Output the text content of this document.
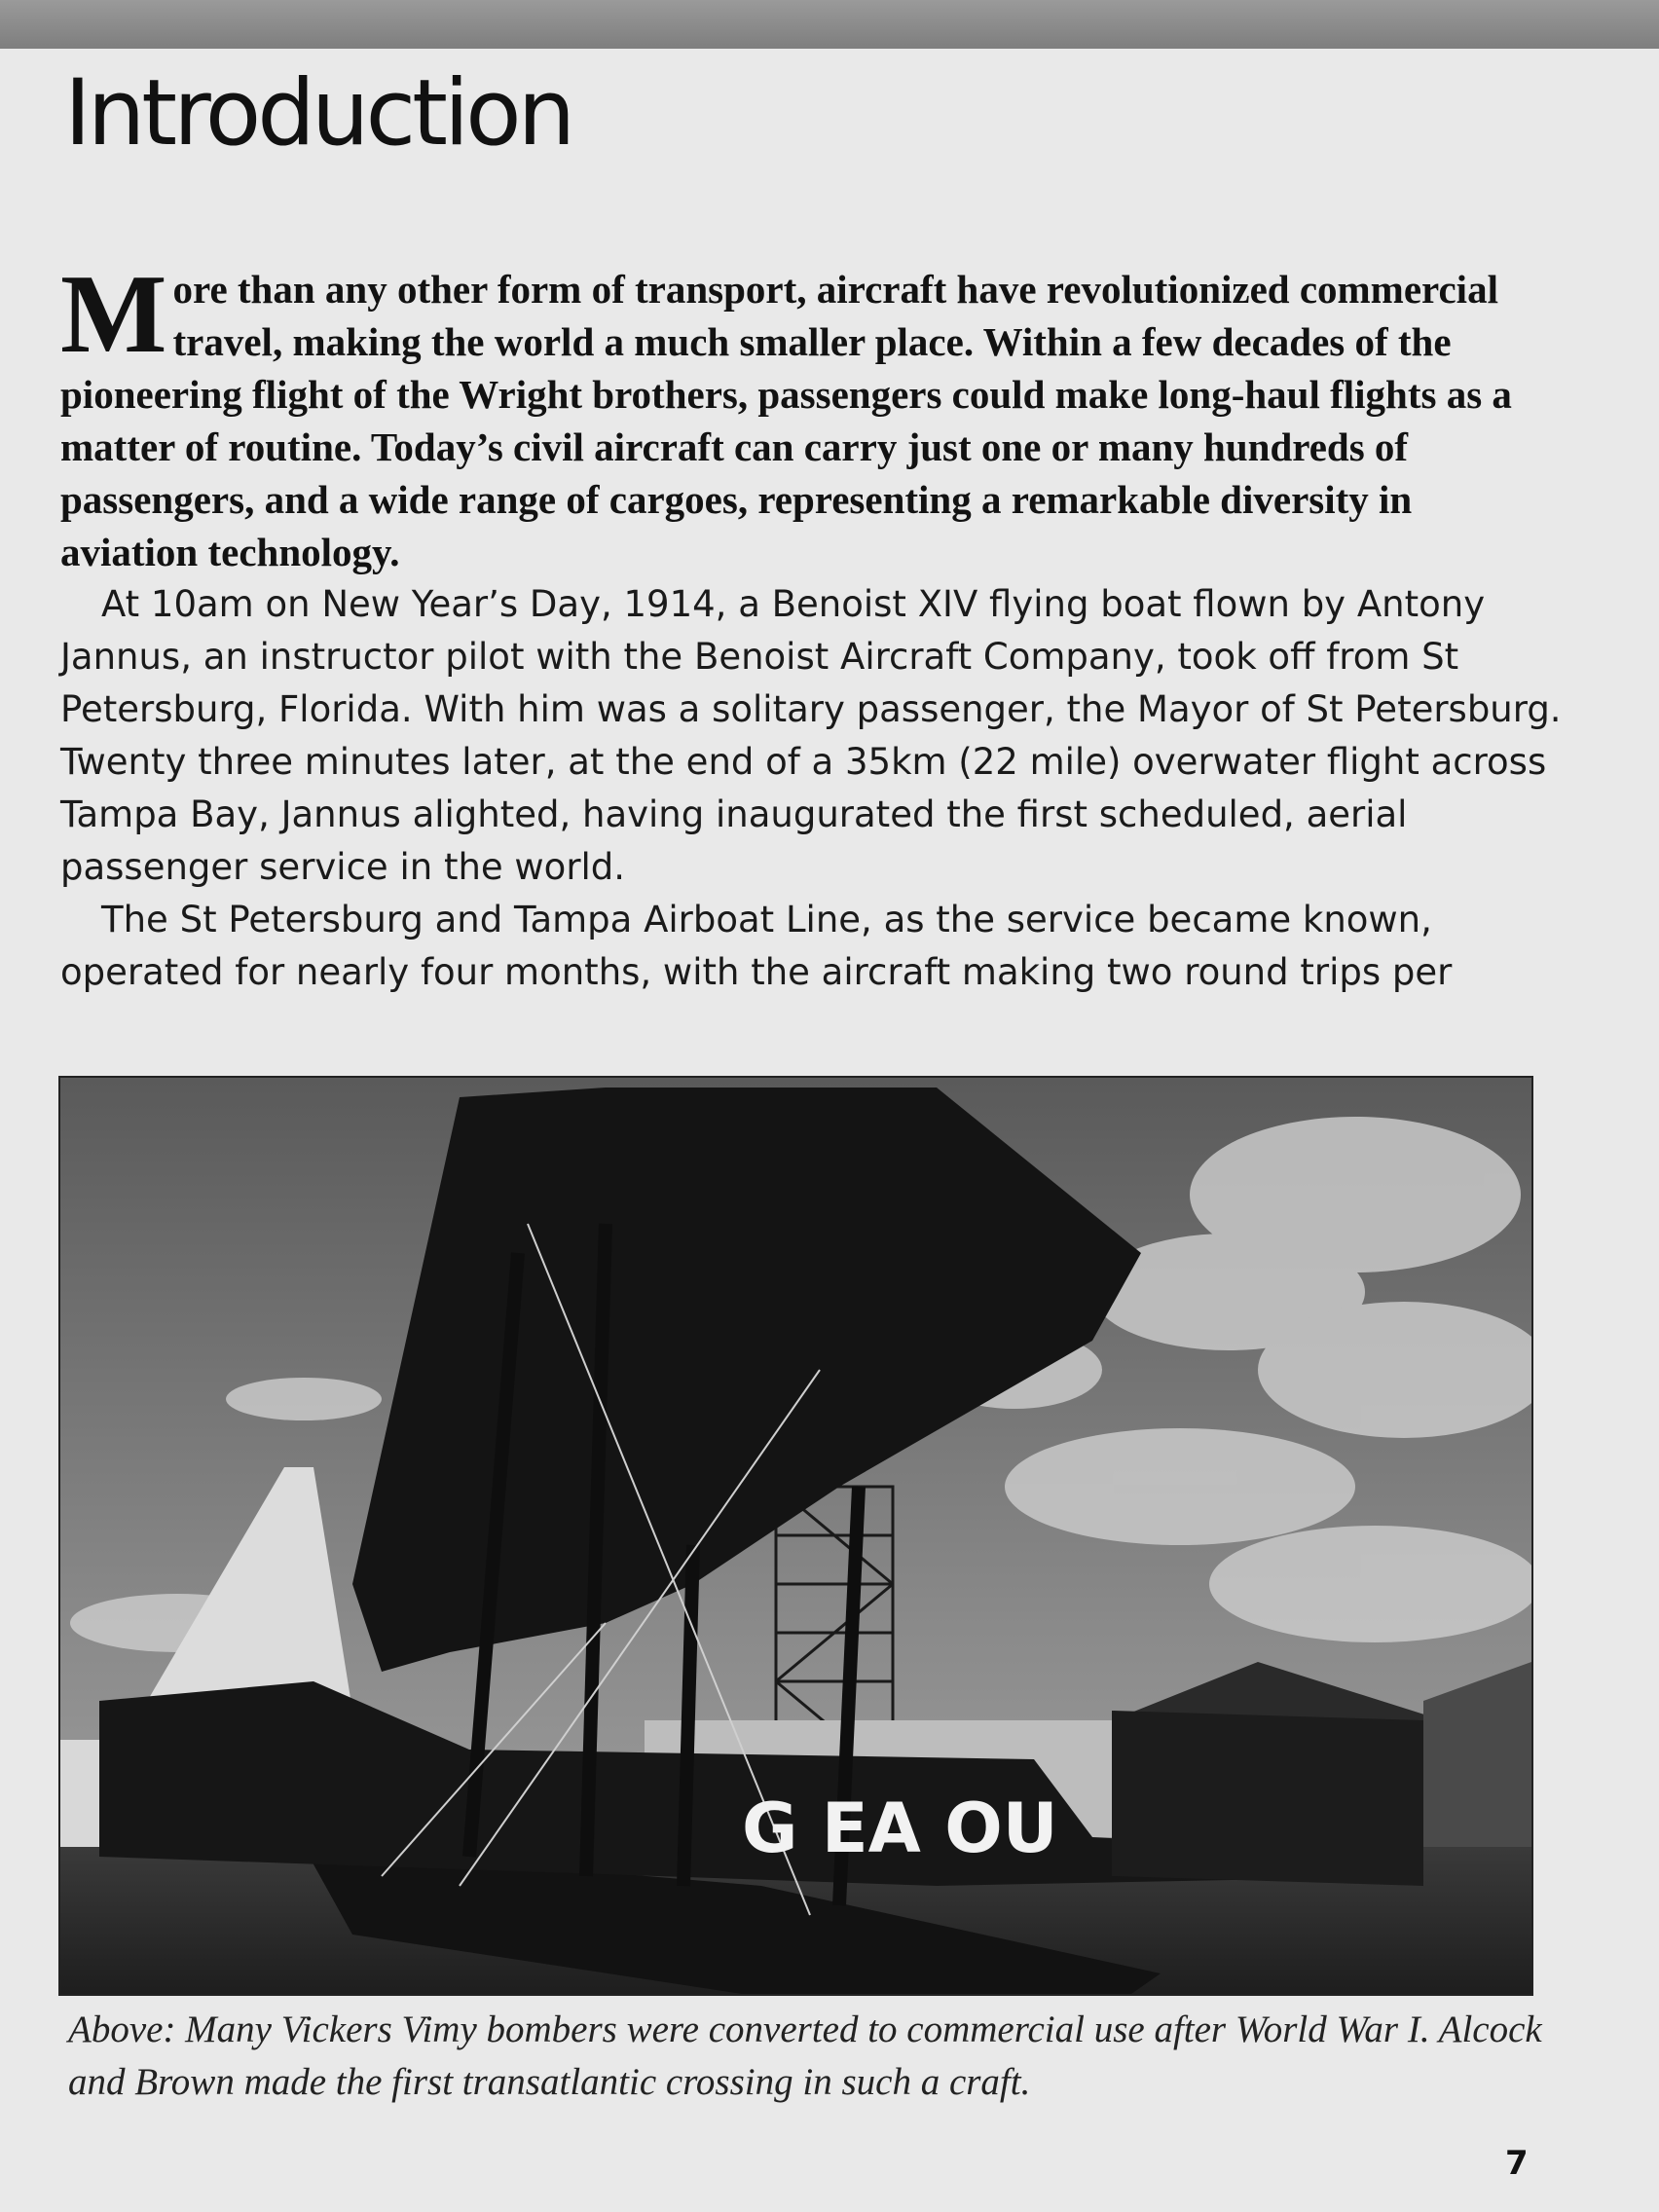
Introduction

More than any other form of transport, aircraft have revolutionized commercial travel, making the world a much smaller place. Within a few decades of the pioneering flight of the Wright brothers, passengers could make long-haul flights as a matter of routine. Today’s civil aircraft can carry just one or many hundreds of passengers, and a wide range of cargoes, representing a remarkable diversity in aviation technology.

At 10am on New Year’s Day, 1914, a Benoist XIV flying boat flown by Antony Jannus, an instructor pilot with the Benoist Aircraft Company, took off from St Petersburg, Florida. With him was a solitary passenger, the Mayor of St Petersburg. Twenty three minutes later, at the end of a 35km (22 mile) overwater flight across Tampa Bay, Jannus alighted, having inaugurated the first scheduled, aerial passenger service in the world.

The St Petersburg and Tampa Airboat Line, as the service became known, operated for nearly four months, with the aircraft making two round trips per

G EA OU

Above: Many Vickers Vimy bombers were converted to commercial use after World War I. Alcock and Brown made the first transatlantic crossing in such a craft.

7
